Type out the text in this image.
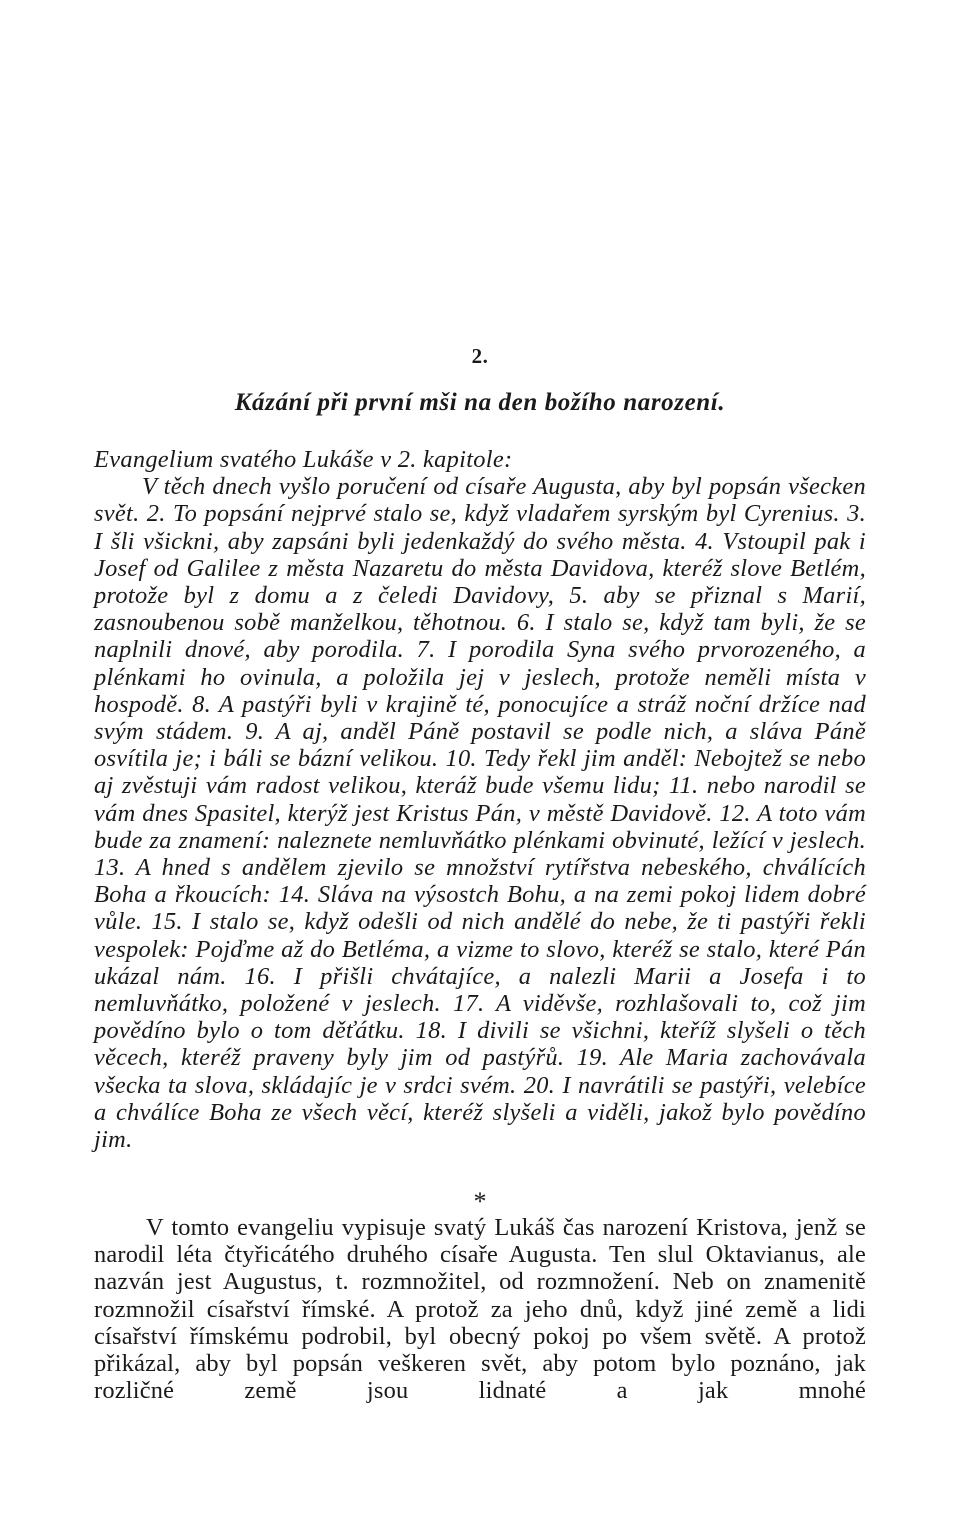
2.
Kázání při první mši na den božího narození.

Evangelium svatého Lukáše v 2. kapitole:

V těch dnech vyšlo poručení od císaře Augusta, aby byl popsán všecken svět. 2. To popsání nejprvé stalo se, když vladařem syrským byl Cyrenius. 3. I šli všickni, aby zapsáni byli jedenkaždý do svého města. 4. Vstoupil pak i Josef od Galilee z města Nazaretu do města Davidova, kteréž slove Betlém, protože byl z domu a z čeledi Davidovy, 5. aby se přiznal s Marií, zasnoubenou sobě manželkou, těhotnou. 6. I stalo se, když tam byli, že se naplnili dnové, aby porodila. 7. I porodila Syna svého prvorozeného, a plénkami ho ovinula, a položila jej v jeslech, protože neměli místa v hospodě. 8. A pastýři byli v krajině té, ponocujíce a stráž noční držíce nad svým stádem. 9. A aj, anděl Páně postavil se podle nich, a sláva Páně osvítila je; i báli se bázní velikou. 10. Tedy řekl jim anděl: Nebojtež se nebo aj zvěstuji vám radost velikou, kteráž bude všemu lidu; 11. nebo narodil se vám dnes Spasitel, kterýž jest Kristus Pán, v městě Davidově. 12. A toto vám bude za znamení: naleznete nemluvňátko plénkami obvinuté, ležící v jeslech. 13. A hned s andělem zjevilo se množství rytířstva nebeského, chválících Boha a řkoucích: 14. Sláva na výsostch Bohu, a na zemi pokoj lidem dobré vůle. 15. I stalo se, když odešli od nich andělé do nebe, že ti pastýři řekli vespolek: Pojďme až do Betléma, a vizme to slovo, kteréž se stalo, které Pán ukázal nám. 16. I přišli chvátajíce, a nalezli Marii a Josefa i to nemluvňátko, položené v jeslech. 17. A viděvše, rozhlašovali to, což jim povědíno bylo o tom děťátku. 18. I divili se všichni, kteříž slyšeli o těch věcech, kteréž praveny byly jim od pastýřů. 19. Ale Maria zachovávala všecka ta slova, skládajíc je v srdci svém. 20. I navrátili se pastýři, velebíce a chválíce Boha ze všech věcí, kteréž slyšeli a viděli, jakož bylo povědíno jim.

*

V tomto evangeliu vypisuje svatý Lukáš čas narození Kristova, jenž se narodil léta čtyřicátého druhého císaře Augusta. Ten slul Oktavianus, ale nazván jest Augustus, t. rozmnožitel, od rozmnožení. Neb on znamenitě rozmnožil císařství římské. A protož za jeho dnů, když jiné země a lidi císařství římskému podrobil, byl obecný pokoj po všem světě. A protož přikázal, aby byl popsán veškeren svět, aby potom bylo poznáno, jak rozličné země jsou lidnaté a jak mnohé
